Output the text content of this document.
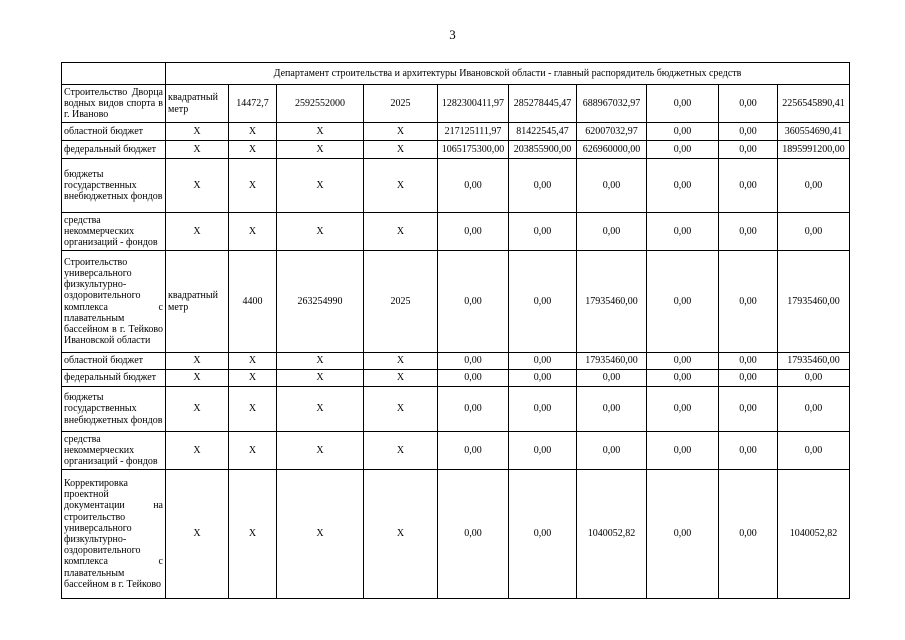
3
	Департамент строительства и архитектуры Ивановской области - главный распорядитель бюджетных средств									
Строительство Дворца водных видов спорта в г. Иваново	квадратный метр	14472,7	2592552000	2025	1282300411,97	285278445,47	688967032,97	0,00	0,00	2256545890,41
областной бюджет	X	X	X	X	217125111,97	81422545,47	62007032,97	0,00	0,00	360554690,41
федеральный бюджет	X	X	X	X	1065175300,00	203855900,00	626960000,00	0,00	0,00	1895991200,00
бюджеты государственных внебюджетных фондов	X	X	X	X	0,00	0,00	0,00	0,00	0,00	0,00
средства некоммерческих организаций - фондов	X	X	X	X	0,00	0,00	0,00	0,00	0,00	0,00
Строительство универсального физкультурно-оздоровительного комплекса с плавательным бассейном в г. Тейково Ивановской области	квадратный метр	4400	263254990	2025	0,00	0,00	17935460,00	0,00	0,00	17935460,00
областной бюджет	X	X	X	X	0,00	0,00	17935460,00	0,00	0,00	17935460,00
федеральный бюджет	X	X	X	X	0,00	0,00	0,00	0,00	0,00	0,00
бюджеты государственных внебюджетных фондов	X	X	X	X	0,00	0,00	0,00	0,00	0,00	0,00
средства некоммерческих организаций - фондов	X	X	X	X	0,00	0,00	0,00	0,00	0,00	0,00
Корректировка проектной документации на строительство универсального физкультурно-оздоровительного комплекса с плавательным бассейном в г. Тейково	X	X	X	X	0,00	0,00	1040052,82	0,00	0,00	1040052,82
